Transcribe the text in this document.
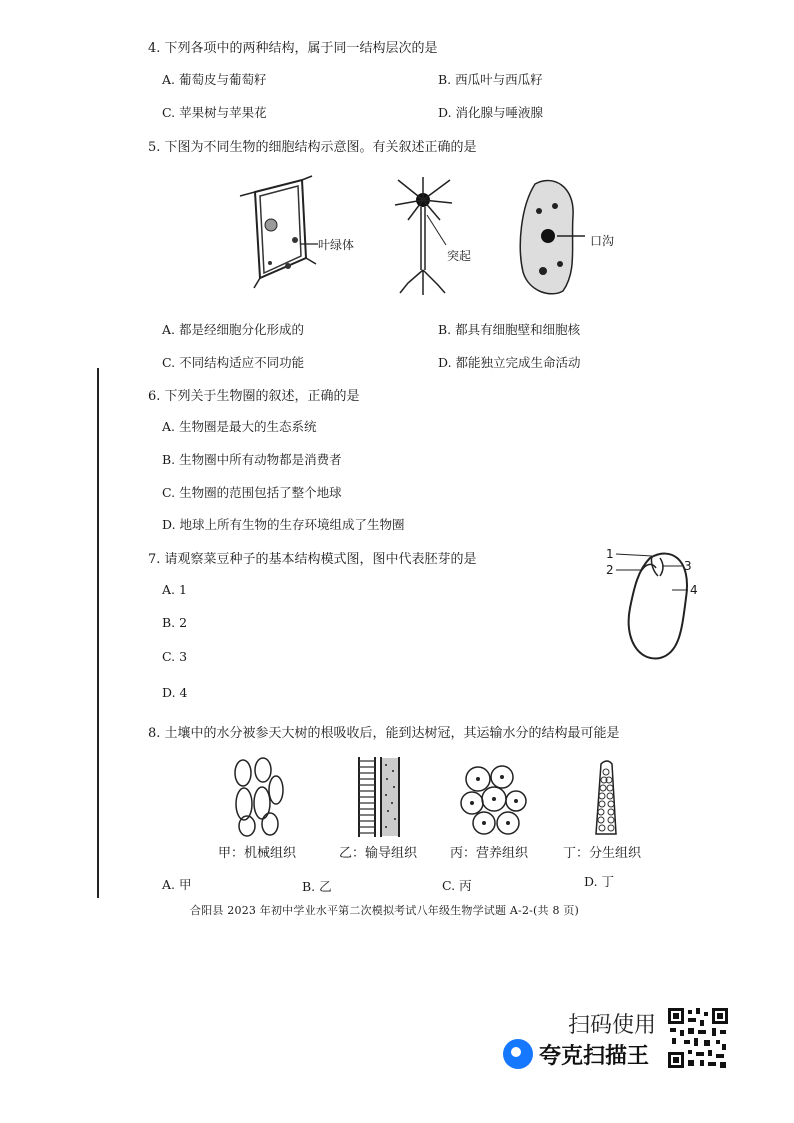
4. 下列各项中的两种结构，属于同一结构层次的是
A. 葡萄皮与葡萄籽	B. 西瓜叶与西瓜籽
C. 苹果树与苹果花	D. 消化腺与唾液腺
5. 下图为不同生物的细胞结构示意图。有关叙述正确的是
叶绿体
突起
口沟
A. 都是经细胞分化形成的	B. 都具有细胞壁和细胞核
C. 不同结构适应不同功能	D. 都能独立完成生命活动
6. 下列关于生物圈的叙述，正确的是
A. 生物圈是最大的生态系统
B. 生物圈中所有动物都是消费者
C. 生物圈的范围包括了整个地球
D. 地球上所有生物的生存环境组成了生物圈
7. 请观察菜豆种子的基本结构模式图，图中代表胚芽的是
A. 1
B. 2
C. 3
D. 4
1
2	3
4
8. 土壤中的水分被参天大树的根吸收后，能到达树冠，其运输水分的结构最可能是
甲：机械组织	乙：输导组织	丙：营养组织	丁：分生组织
A. 甲	B. 乙	C. 丙	D. 丁
合阳县 2023 年初中学业水平第二次模拟考试八年级生物学试题 A-2-(共 8 页)
扫码使用
夸克扫描王
